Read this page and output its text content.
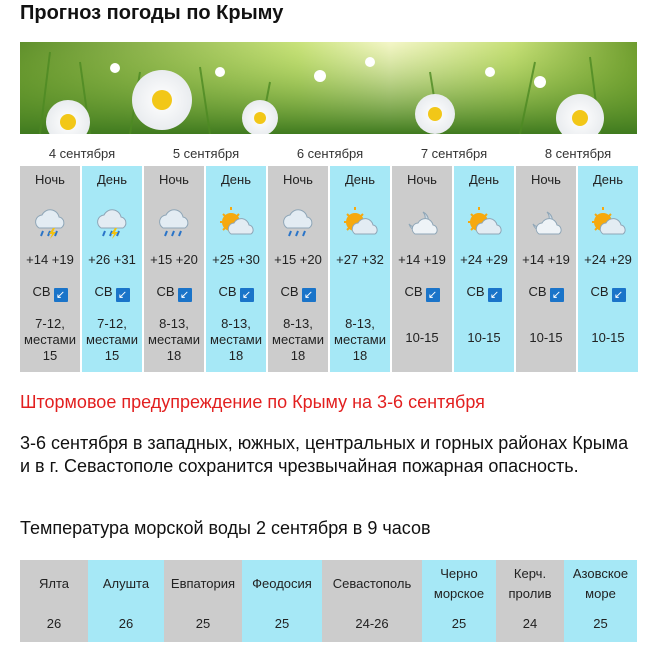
Прогноз погоды по Крыму
4 сентября
Ночь
+14 +19
СВ ↙
7-12,
местами
15
День
+26 +31
СВ ↙
7-12,
местами
15
5 сентября
Ночь
+15 +20
СВ ↙
8-13,
местами
18
День
+25 +30
СВ ↙
8-13,
местами
18
6 сентября
Ночь
+15 +20
СВ ↙
8-13,
местами
18
День
+27 +32
8-13,
местами
18
7 сентября
Ночь
+14 +19
СВ ↙
10-15
День
+24 +29
СВ ↙
10-15
8 сентября
Ночь
+14 +19
СВ ↙
10-15
День
+24 +29
СВ ↙
10-15
Штормовое предупреждение по Крыму на 3-6 сентября
3-6 сентября в западных, южных, центральных и горных районах Крыма и в г. Севастополе сохранится чрезвычайная пожарная опасность.
Температура морской воды 2 сентября в 9 часов
Ялта
26
Алушта
26
Евпатория
25
Феодосия
25
Севастополь
24-26
Черно
морское
25
Керч.
пролив
24
Азовское
море
25
